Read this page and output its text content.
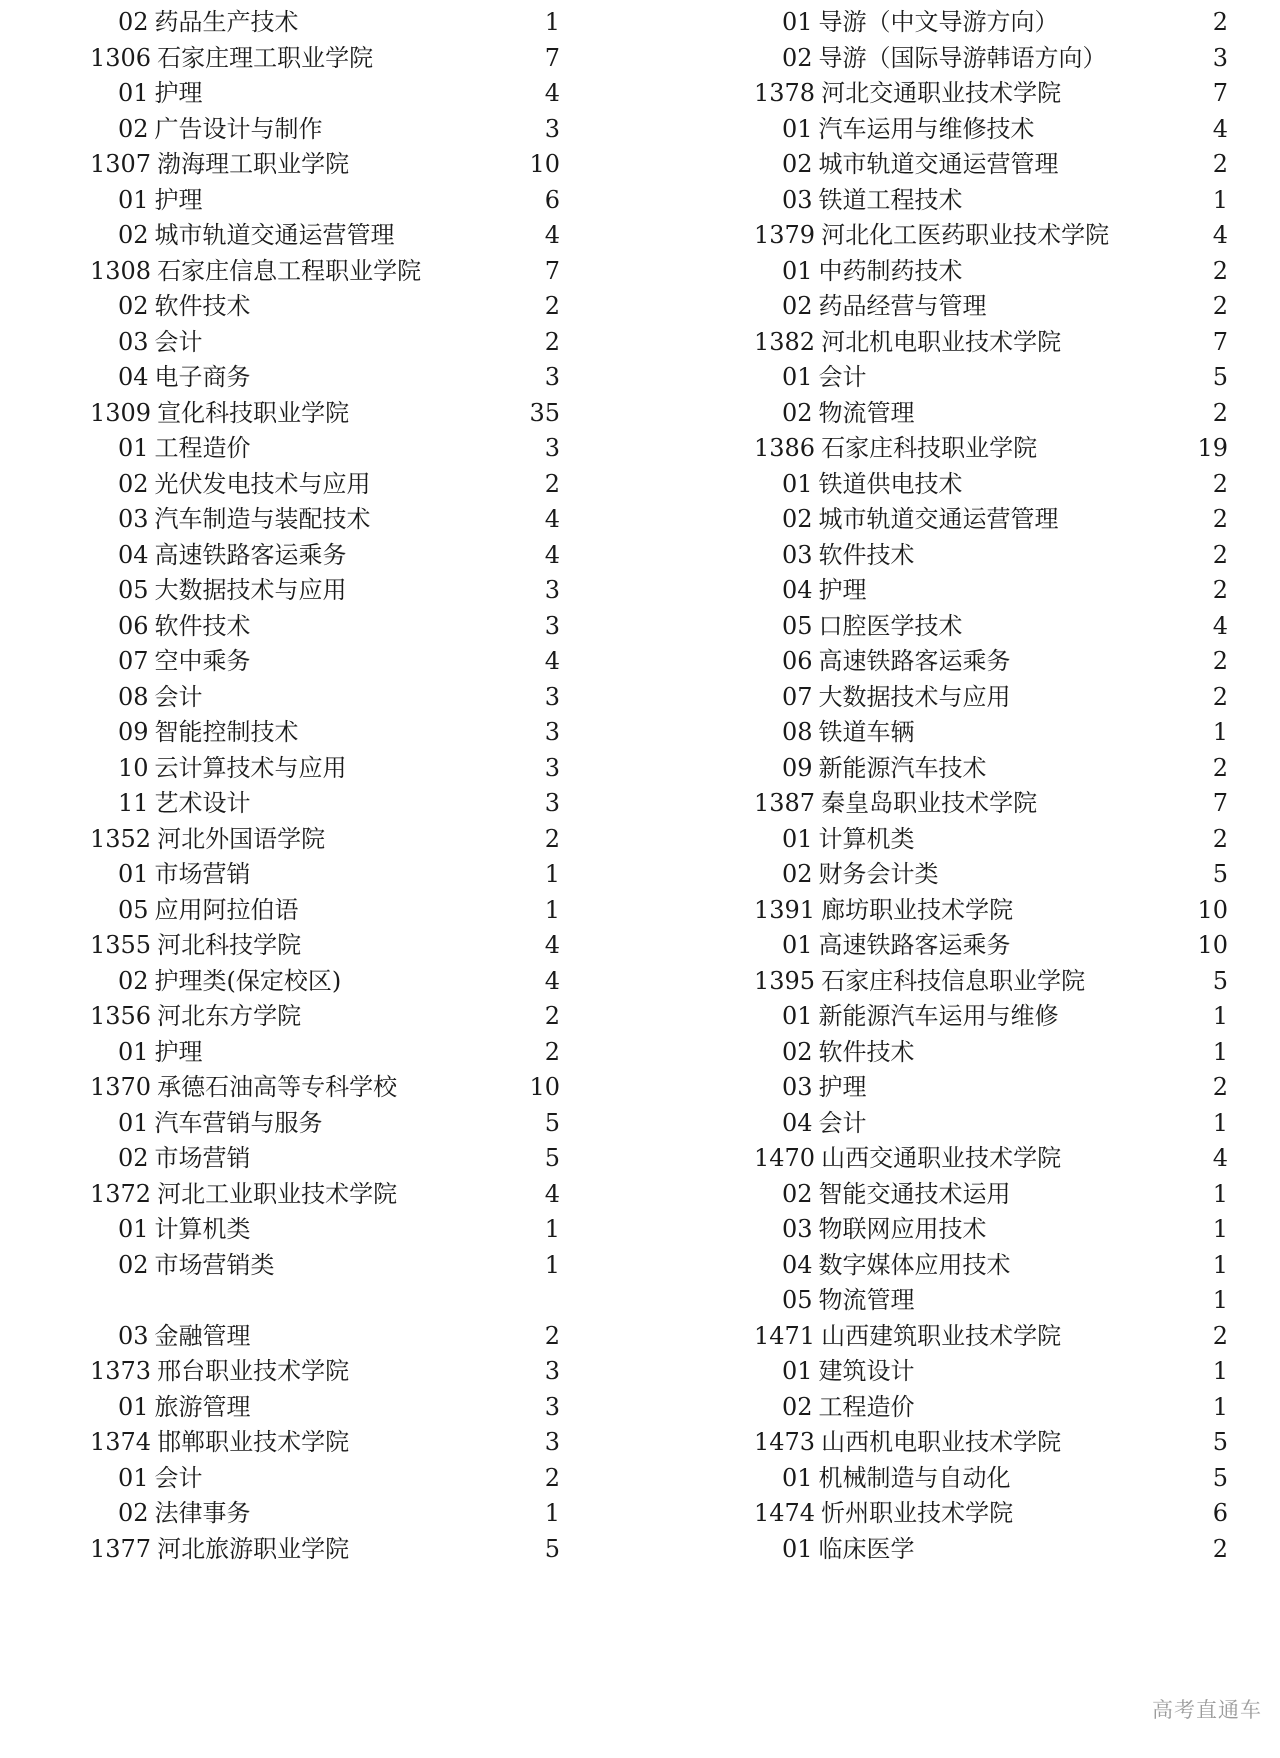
02 药品生产技术	1
1306 石家庄理工职业学院	7
01 护理	4
02 广告设计与制作	3
1307 渤海理工职业学院	10
01 护理	6
02 城市轨道交通运营管理	4
1308 石家庄信息工程职业学院	7
02 软件技术	2
03 会计	2
04 电子商务	3
1309 宣化科技职业学院	35
01 工程造价	3
02 光伏发电技术与应用	2
03 汽车制造与装配技术	4
04 高速铁路客运乘务	4
05 大数据技术与应用	3
06 软件技术	3
07 空中乘务	4
08 会计	3
09 智能控制技术	3
10 云计算技术与应用	3
11 艺术设计	3
1352 河北外国语学院	2
01 市场营销	1
05 应用阿拉伯语	1
1355 河北科技学院	4
02 护理类(保定校区)	4
1356 河北东方学院	2
01 护理	2
1370 承德石油高等专科学校	10
01 汽车营销与服务	5
02 市场营销	5
1372 河北工业职业技术学院	4
01 计算机类	1
02 市场营销类	1
03 金融管理	2
1373 邢台职业技术学院	3
01 旅游管理	3
1374 邯郸职业技术学院	3
01 会计	2
02 法律事务	1
1377 河北旅游职业学院	5
01 导游（中文导游方向）	2
02 导游（国际导游韩语方向）	3
1378 河北交通职业技术学院	7
01 汽车运用与维修技术	4
02 城市轨道交通运营管理	2
03 铁道工程技术	1
1379 河北化工医药职业技术学院	4
01 中药制药技术	2
02 药品经营与管理	2
1382 河北机电职业技术学院	7
01 会计	5
02 物流管理	2
1386 石家庄科技职业学院	19
01 铁道供电技术	2
02 城市轨道交通运营管理	2
03 软件技术	2
04 护理	2
05 口腔医学技术	4
06 高速铁路客运乘务	2
07 大数据技术与应用	2
08 铁道车辆	1
09 新能源汽车技术	2
1387 秦皇岛职业技术学院	7
01 计算机类	2
02 财务会计类	5
1391 廊坊职业技术学院	10
01 高速铁路客运乘务	10
1395 石家庄科技信息职业学院	5
01 新能源汽车运用与维修	1
02 软件技术	1
03 护理	2
04 会计	1
1470 山西交通职业技术学院	4
02 智能交通技术运用	1
03 物联网应用技术	1
04 数字媒体应用技术	1
05 物流管理	1
1471 山西建筑职业技术学院	2
01 建筑设计	1
02 工程造价	1
1473 山西机电职业技术学院	5
01 机械制造与自动化	5
1474 忻州职业技术学院	6
01 临床医学	2
高考直通车
